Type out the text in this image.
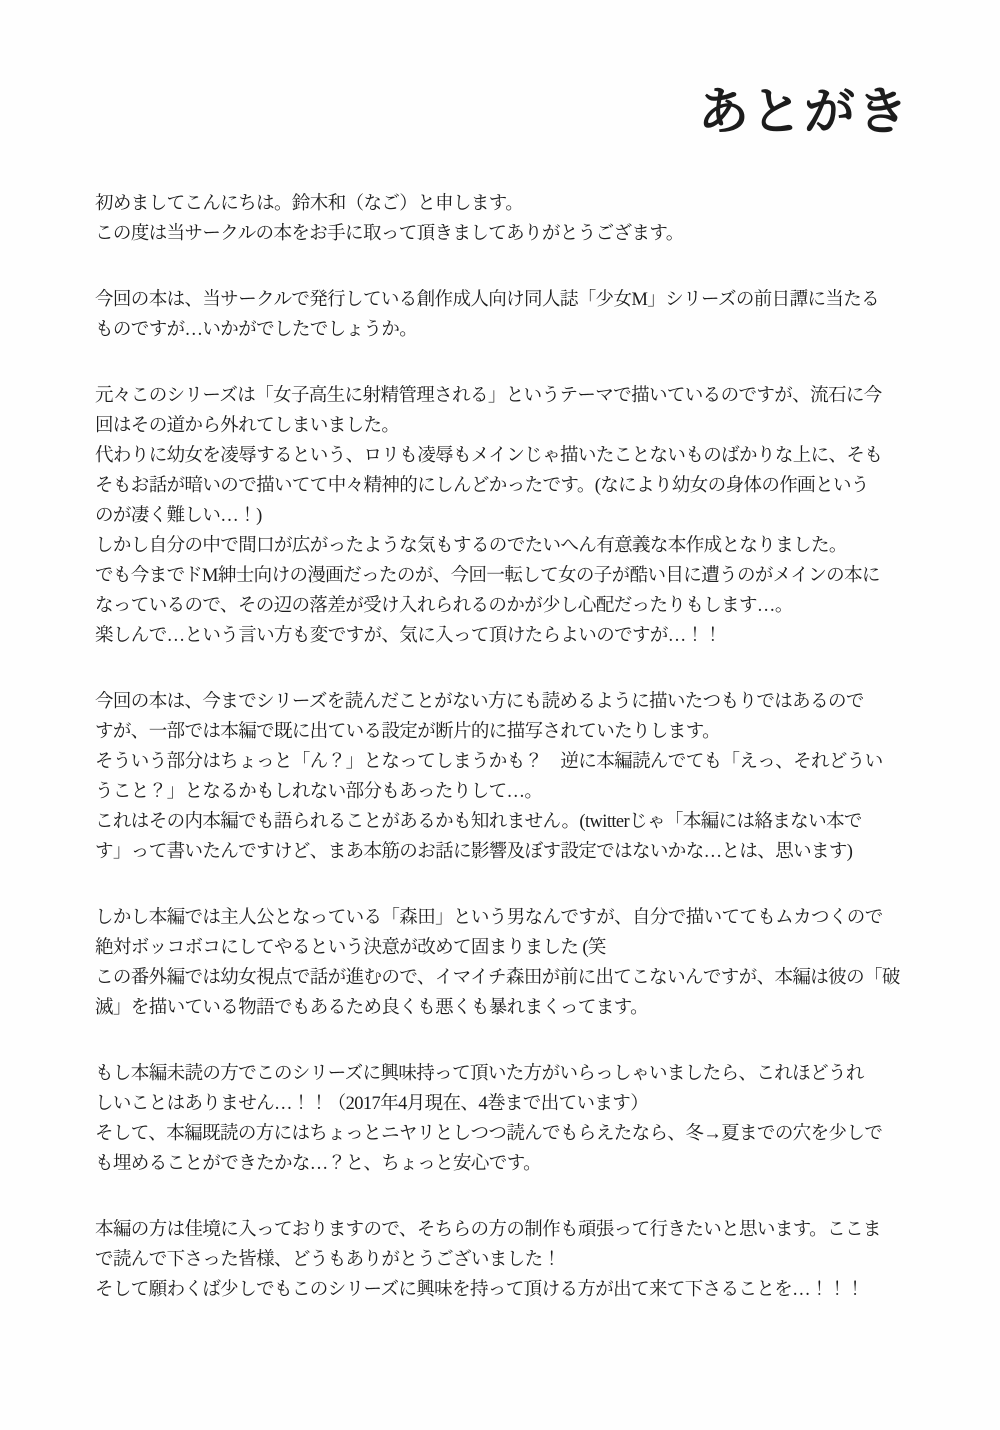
あとがき
初めましてこんにちは。鈴木和（なご）と申します。
この度は当サークルの本をお手に取って頂きましてありがとうござます。
今回の本は、当サークルで発行している創作成人向け同人誌「少女M」シリーズの前日譚に当たる
ものですが…いかがでしたでしょうか。
元々このシリーズは「女子高生に射精管理される」というテーマで描いているのですが、流石に今
回はその道から外れてしまいました。
代わりに幼女を凌辱するという、ロリも凌辱もメインじゃ描いたことないものばかりな上に、そも
そもお話が暗いので描いてて中々精神的にしんどかったです。(なにより幼女の身体の作画という
のが凄く難しい…！)
しかし自分の中で間口が広がったような気もするのでたいへん有意義な本作成となりました。
でも今までドM紳士向けの漫画だったのが、今回一転して女の子が酷い目に遭うのがメインの本に
なっているので、その辺の落差が受け入れられるのかが少し心配だったりもします…。
楽しんで…という言い方も変ですが、気に入って頂けたらよいのですが…！！
今回の本は、今までシリーズを読んだことがない方にも読めるように描いたつもりではあるので
すが、一部では本編で既に出ている設定が断片的に描写されていたりします。
そういう部分はちょっと「ん？」となってしまうかも？　逆に本編読んでても「えっ、それどうい
うこと？」となるかもしれない部分もあったりして…。
これはその内本編でも語られることがあるかも知れません。(twitterじゃ「本編には絡まない本で
す」って書いたんですけど、まあ本筋のお話に影響及ぼす設定ではないかな…とは、思います)
しかし本編では主人公となっている「森田」という男なんですが、自分で描いててもムカつくので
絶対ボッコボコにしてやるという決意が改めて固まりました (笑
この番外編では幼女視点で話が進むので、イマイチ森田が前に出てこないんですが、本編は彼の「破
滅」を描いている物語でもあるため良くも悪くも暴れまくってます。
もし本編未読の方でこのシリーズに興味持って頂いた方がいらっしゃいましたら、これほどうれ
しいことはありません…！！（2017年4月現在、4巻まで出ています）
そして、本編既読の方にはちょっとニヤリとしつつ読んでもらえたなら、冬→夏までの穴を少しで
も埋めることができたかな…？と、ちょっと安心です。
本編の方は佳境に入っておりますので、そちらの方の制作も頑張って行きたいと思います。ここま
で読んで下さった皆様、どうもありがとうございました！
そして願わくば少しでもこのシリーズに興味を持って頂ける方が出て来て下さることを…！！！
